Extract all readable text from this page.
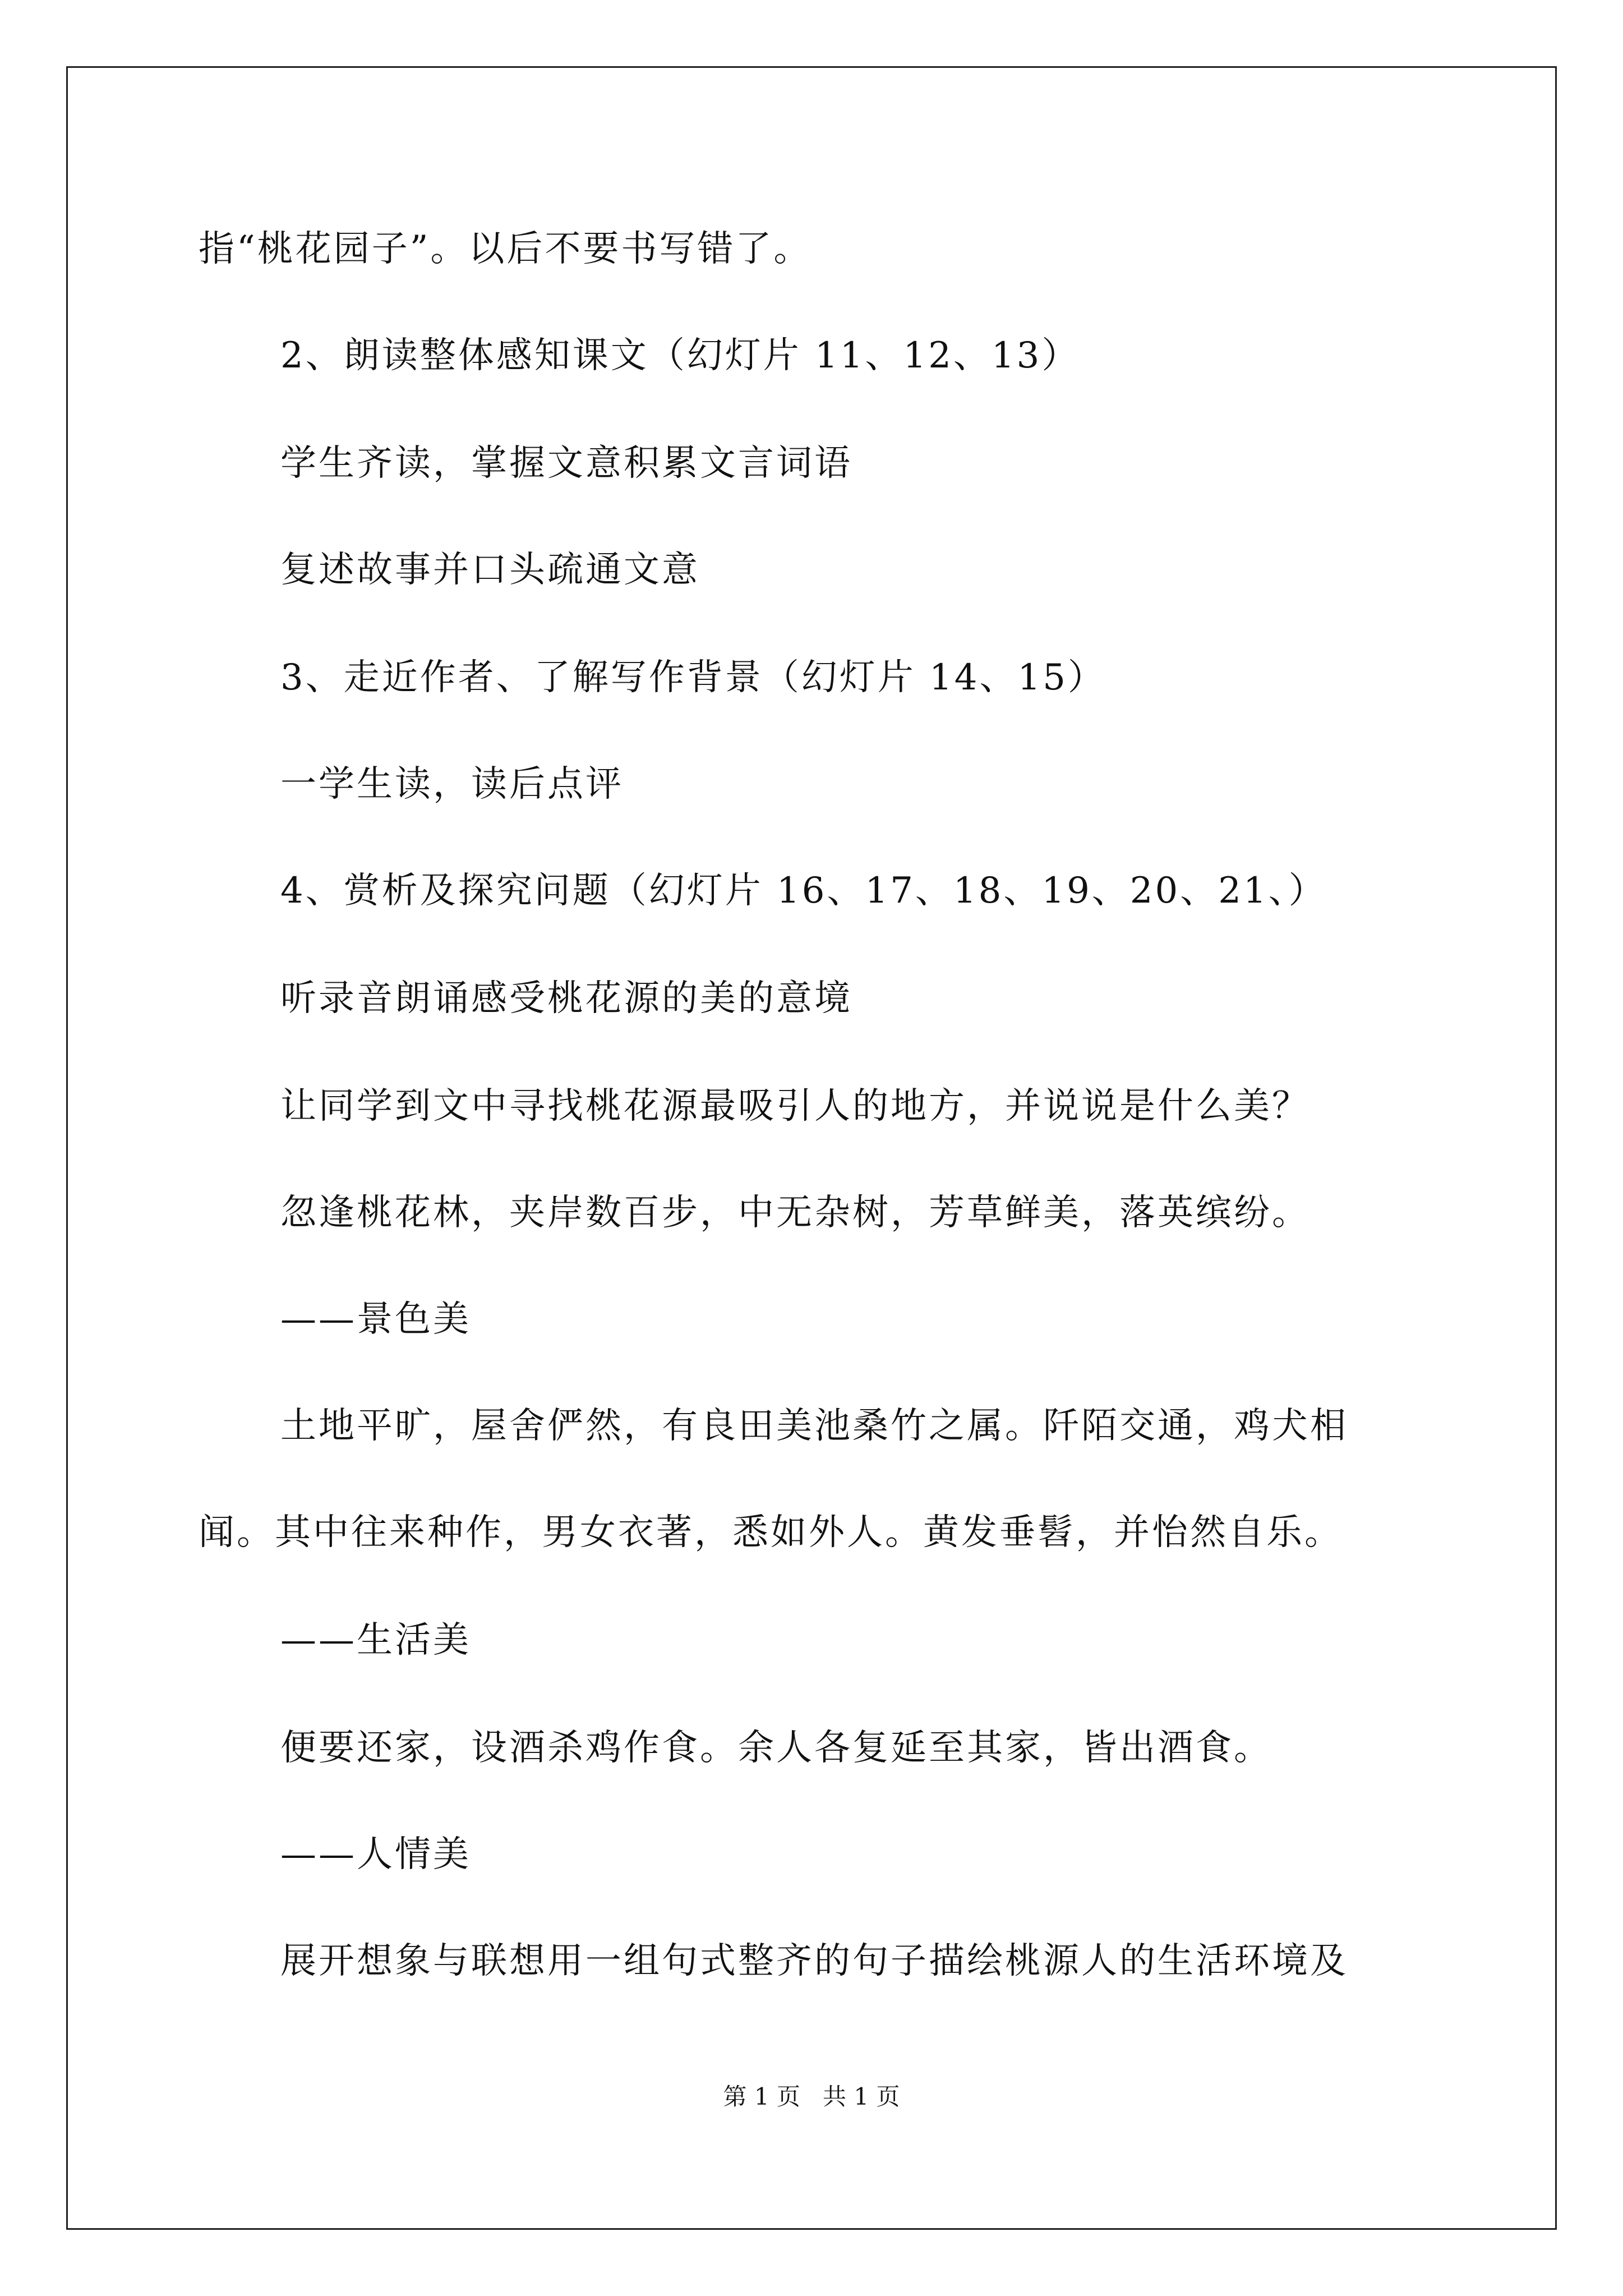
指“桃花园子”。以后不要书写错了。
2、朗读整体感知课文（幻灯片 11、12、13）
学生齐读，掌握文意积累文言词语
复述故事并口头疏通文意
3、走近作者、了解写作背景（幻灯片 14、15）
一学生读，读后点评
4、赏析及探究问题（幻灯片 16、17、18、19、20、21、）
听录音朗诵感受桃花源的美的意境
让同学到文中寻找桃花源最吸引人的地方，并说说是什么美？
忽逢桃花林，夹岸数百步，中无杂树，芳草鲜美，落英缤纷。
——景色美
土地平旷，屋舍俨然，有良田美池桑竹之属。阡陌交通，鸡犬相
闻。其中往来种作，男女衣著，悉如外人。黄发垂髫，并怡然自乐。
——生活美
便要还家，设酒杀鸡作食。余人各复延至其家，皆出酒食。
——人情美
展开想象与联想用一组句式整齐的句子描绘桃源人的生活环境及
第 1 页   共 1 页
